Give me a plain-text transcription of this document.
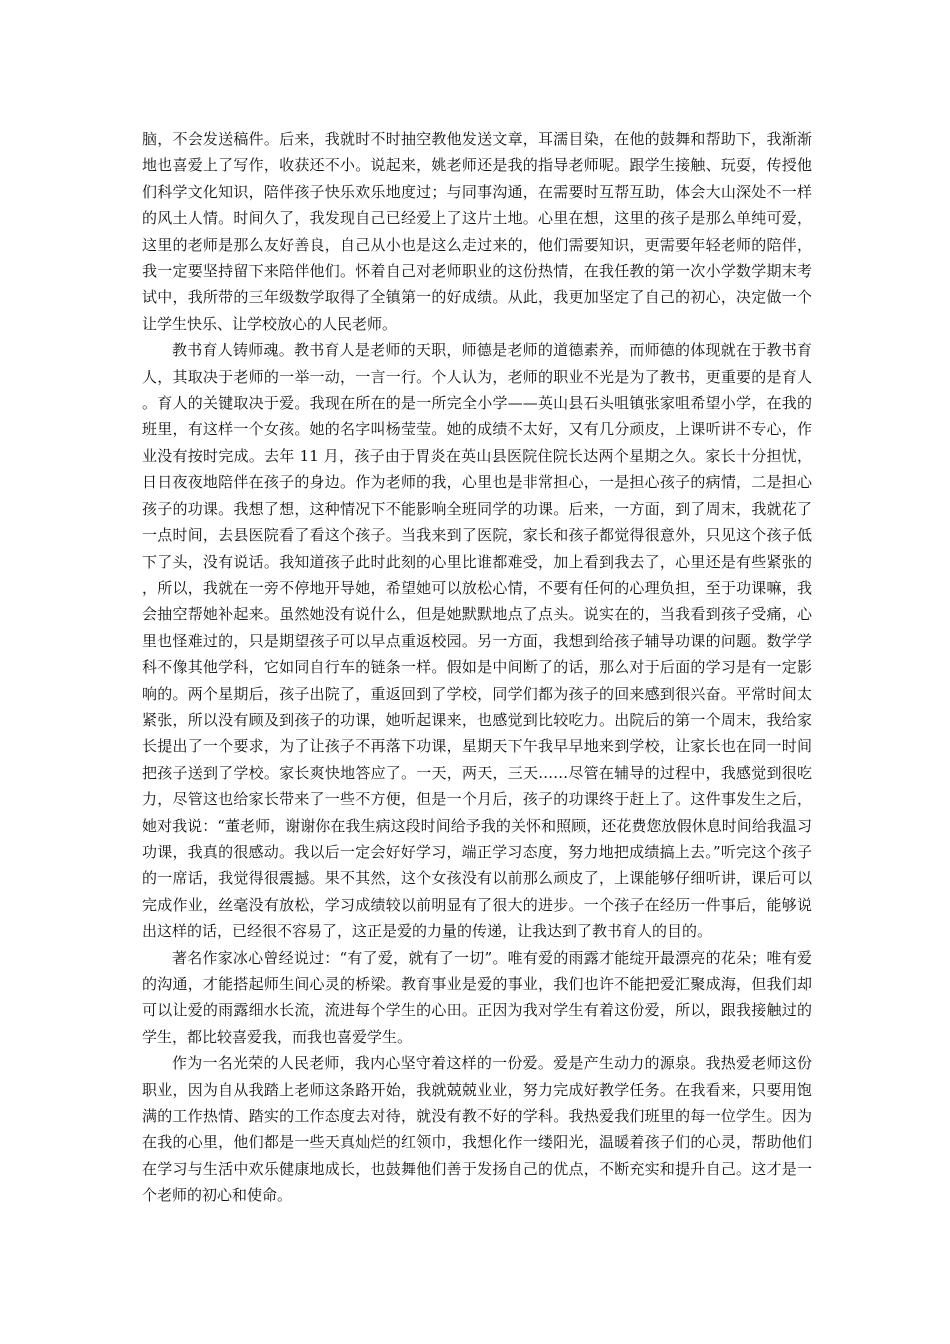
脑，不会发送稿件。后来，我就时不时抽空教他发送文章，耳濡目染，在他的鼓舞和帮助下，我渐渐地也喜爱上了写作，收获还不小。说起来，姚老师还是我的指导老师呢。跟学生接触、玩耍，传授他们科学文化知识，陪伴孩子快乐欢乐地度过；与同事沟通，在需要时互帮互助，体会大山深处不一样的风土人情。时间久了，我发现自己已经爱上了这片土地。心里在想，这里的孩子是那么单纯可爱，这里的老师是那么友好善良，自己从小也是这么走过来的，他们需要知识，更需要年轻老师的陪伴，我一定要坚持留下来陪伴他们。怀着自己对老师职业的这份热情，在我任教的第一次小学数学期末考试中，我所带的三年级数学取得了全镇第一的好成绩。从此，我更加坚定了自己的初心，决定做一个让学生快乐、让学校放心的人民老师。

教书育人铸师魂。教书育人是老师的天职，师德是老师的道德素养，而师德的体现就在于教书育人，其取决于老师的一举一动，一言一行。个人认为，老师的职业不光是为了教书，更重要的是育人。育人的关键取决于爱。我现在所在的是一所完全小学——英山县石头咀镇张家咀希望小学，在我的班里，有这样一个女孩。她的名字叫杨莹莹。她的成绩不太好，又有几分顽皮，上课听讲不专心，作业没有按时完成。去年 11 月，孩子由于胃炎在英山县医院住院长达两个星期之久。家长十分担忧，日日夜夜地陪伴在孩子的身边。作为老师的我，心里也是非常担心，一是担心孩子的病情，二是担心孩子的功课。我想了想，这种情况下不能影响全班同学的功课。后来，一方面，到了周末，我就花了一点时间，去县医院看了看这个孩子。当我来到了医院，家长和孩子都觉得很意外，只见这个孩子低下了头，没有说话。我知道孩子此时此刻的心里比谁都难受，加上看到我去了，心里还是有些紧张的，所以，我就在一旁不停地开导她，希望她可以放松心情，不要有任何的心理负担，至于功课嘛，我会抽空帮她补起来。虽然她没有说什么，但是她默默地点了点头。说实在的，当我看到孩子受痛，心里也怪难过的，只是期望孩子可以早点重返校园。另一方面，我想到给孩子辅导功课的问题。数学学科不像其他学科，它如同自行车的链条一样。假如是中间断了的话，那么对于后面的学习是有一定影响的。两个星期后，孩子出院了，重返回到了学校，同学们都为孩子的回来感到很兴奋。平常时间太紧张，所以没有顾及到孩子的功课，她听起课来，也感觉到比较吃力。出院后的第一个周末，我给家长提出了一个要求，为了让孩子不再落下功课，星期天下午我早早地来到学校，让家长也在同一时间把孩子送到了学校。家长爽快地答应了。一天，两天，三天……尽管在辅导的过程中，我感觉到很吃力，尽管这也给家长带来了一些不方便，但是一个月后，孩子的功课终于赶上了。这件事发生之后，她对我说：“董老师，谢谢你在我生病这段时间给予我的关怀和照顾，还花费您放假休息时间给我温习功课，我真的很感动。我以后一定会好好学习，端正学习态度，努力地把成绩搞上去。”听完这个孩子的一席话，我觉得很震撼。果不其然，这个女孩没有以前那么顽皮了，上课能够仔细听讲，课后可以完成作业，丝毫没有放松，学习成绩较以前明显有了很大的进步。一个孩子在经历一件事后，能够说出这样的话，已经很不容易了，这正是爱的力量的传递，让我达到了教书育人的目的。

著名作家冰心曾经说过：“有了爱，就有了一切”。唯有爱的雨露才能绽开最漂亮的花朵；唯有爱的沟通，才能搭起师生间心灵的桥梁。教育事业是爱的事业，我们也许不能把爱汇聚成海，但我们却可以让爱的雨露细水长流，流进每个学生的心田。正因为我对学生有着这份爱，所以，跟我接触过的学生，都比较喜爱我，而我也喜爱学生。

作为一名光荣的人民老师，我内心坚守着这样的一份爱。爱是产生动力的源泉。我热爱老师这份职业，因为自从我踏上老师这条路开始，我就兢兢业业，努力完成好教学任务。在我看来，只要用饱满的工作热情、踏实的工作态度去对待，就没有教不好的学科。我热爱我们班里的每一位学生。因为在我的心里，他们都是一些天真灿烂的红领巾，我想化作一缕阳光，温暖着孩子们的心灵，帮助他们在学习与生活中欢乐健康地成长，也鼓舞他们善于发扬自己的优点，不断充实和提升自己。这才是一个老师的初心和使命。
